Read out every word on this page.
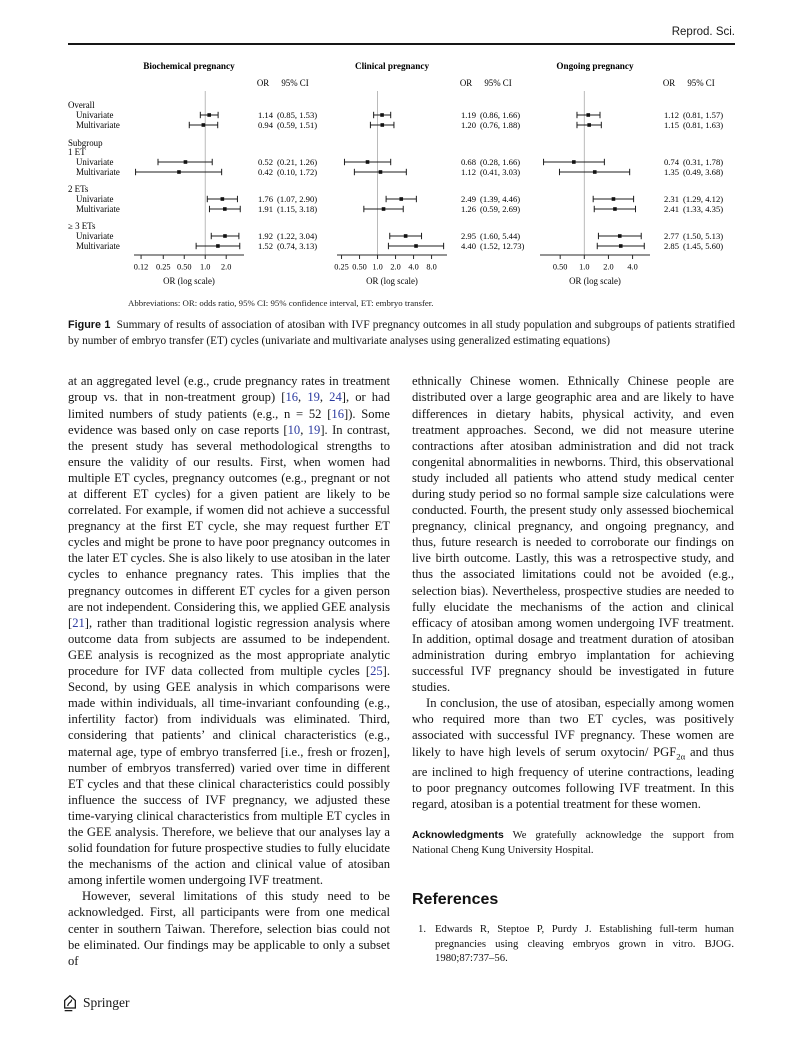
Reprod. Sci.
Overall
Univariate
Multivariate
Subgroup
1 ET
Univariate
Multivariate
2 ETs
Univariate
Multivariate
≥ 3 ETs
Univariate
Multivariate
Biochemical pregnancy
OR 95% CI
0.12 0.25 0.50 1.0 2.0
OR (log scale)
1.14 (0.85, 1.53)
0.94 (0.59, 1.51)
0.52 (0.21, 1.26)
0.42 (0.10, 1.72)
1.76 (1.07, 2.90)
1.91 (1.15, 3.18)
1.92 (1.22, 3.04)
1.52 (0.74, 3.13)
Clinical pregnancy
OR 95% CI
0.25 0.50 1.0 2.0 4.0 8.0
OR (log scale)
1.19 (0.86, 1.66)
1.20 (0.76, 1.88)
0.68 (0.28, 1.66)
1.12 (0.41, 3.03)
2.49 (1.39, 4.46)
1.26 (0.59, 2.69)
2.95 (1.60, 5.44)
4.40 (1.52, 12.73)
Ongoing pregnancy
OR 95% CI
0.50 1.0 2.0 4.0
OR (log scale)
1.12 (0.81, 1.57)
1.15 (0.81, 1.63)
0.74 (0.31, 1.78)
1.35 (0.49, 3.68)
2.31 (1.29, 4.12)
2.41 (1.33, 4.35)
2.77 (1.50, 5.13)
2.85 (1.45, 5.60)

Abbreviations: OR: odds ratio, 95% CI: 95% confidence interval, ET: embryo transfer.

Figure 1 Summary of results of association of atosiban with IVF pregnancy outcomes in all study population and subgroups of patients stratified by number of embryo transfer (ET) cycles (univariate and multivariate analyses using generalized estimating equations)

at an aggregated level (e.g., crude pregnancy rates in treatment group vs. that in non-treatment group) [16, 19, 24], or had limited numbers of study patients (e.g., n = 52 [16]). Some evidence was based only on case reports [10, 19]. In contrast, the present study has several methodological strengths to ensure the validity of our results. First, when women had multiple ET cycles, pregnancy outcomes (e.g., pregnant or not at different ET cycles) for a given patient are likely to be correlated. For example, if women did not achieve a successful pregnancy at the first ET cycle, she may request further ET cycles and might be prone to have poor pregnancy outcomes in the later ET cycles. She is also likely to use atosiban in the later cycles to enhance pregnancy rates. This implies that the pregnancy outcomes in different ET cycles for a given person are not independent. Considering this, we applied GEE analysis [21], rather than traditional logistic regression analysis where outcome data from subjects are assumed to be independent. GEE analysis is recognized as the most appropriate analytic procedure for IVF data collected from multiple cycles [25]. Second, by using GEE analysis in which comparisons were made within individuals, all time-invariant confounding (e.g., infertility factor) from individuals was eliminated. Third, considering that patients’ and clinical characteristics (e.g., maternal age, type of embryo transferred [i.e., fresh or frozen], number of embryos transferred) varied over time in different ET cycles and that these clinical characteristics could possibly influence the success of IVF pregnancy, we adjusted these time-varying clinical characteristics from multiple ET cycles in the GEE analysis. Therefore, we believe that our analyses lay a solid foundation for future prospective studies to fully elucidate the mechanisms of the action and clinical value of atosiban among infertile women undergoing IVF treatment.

However, several limitations of this study need to be acknowledged. First, all participants were from one medical center in southern Taiwan. Therefore, selection bias could not be eliminated. Our findings may be applicable to only a subset of

ethnically Chinese women. Ethnically Chinese people are distributed over a large geographic area and are likely to have differences in dietary habits, physical activity, and even treatment approaches. Second, we did not measure uterine contractions after atosiban administration and did not track congenital abnormalities in newborns. Third, this observational study included all patients who attend study medical center during study period so no formal sample size calculations were conducted. Fourth, the present study only assessed biochemical pregnancy, clinical pregnancy, and ongoing pregnancy, and thus, future research is needed to corroborate our findings on live birth outcome. Lastly, this was a retrospective study, and thus the associated limitations could not be avoided (e.g., selection bias). Nevertheless, prospective studies are needed to fully elucidate the mechanisms of the action and clinical efficacy of atosiban among women undergoing IVF treatment. In addition, optimal dosage and treatment duration of atosiban administration during embryo implantation for achieving successful IVF pregnancy should be investigated in future studies.

In conclusion, the use of atosiban, especially among women who required more than two ET cycles, was positively associated with successful IVF pregnancy. These women are likely to have high levels of serum oxytocin/ $PGF_{2\alpha}$ and thus are inclined to high frequency of uterine contractions, leading to poor pregnancy outcomes following IVF treatment. In this regard, atosiban is a potential treatment for these women.

Acknowledgments We gratefully acknowledge the support from National Cheng Kung University Hospital.
References
1. Edwards R, Steptoe P, Purdy J. Establishing full-term human pregnancies using cleaving embryos grown in vitro. BJOG. 1980;87:737–56.
Springer
